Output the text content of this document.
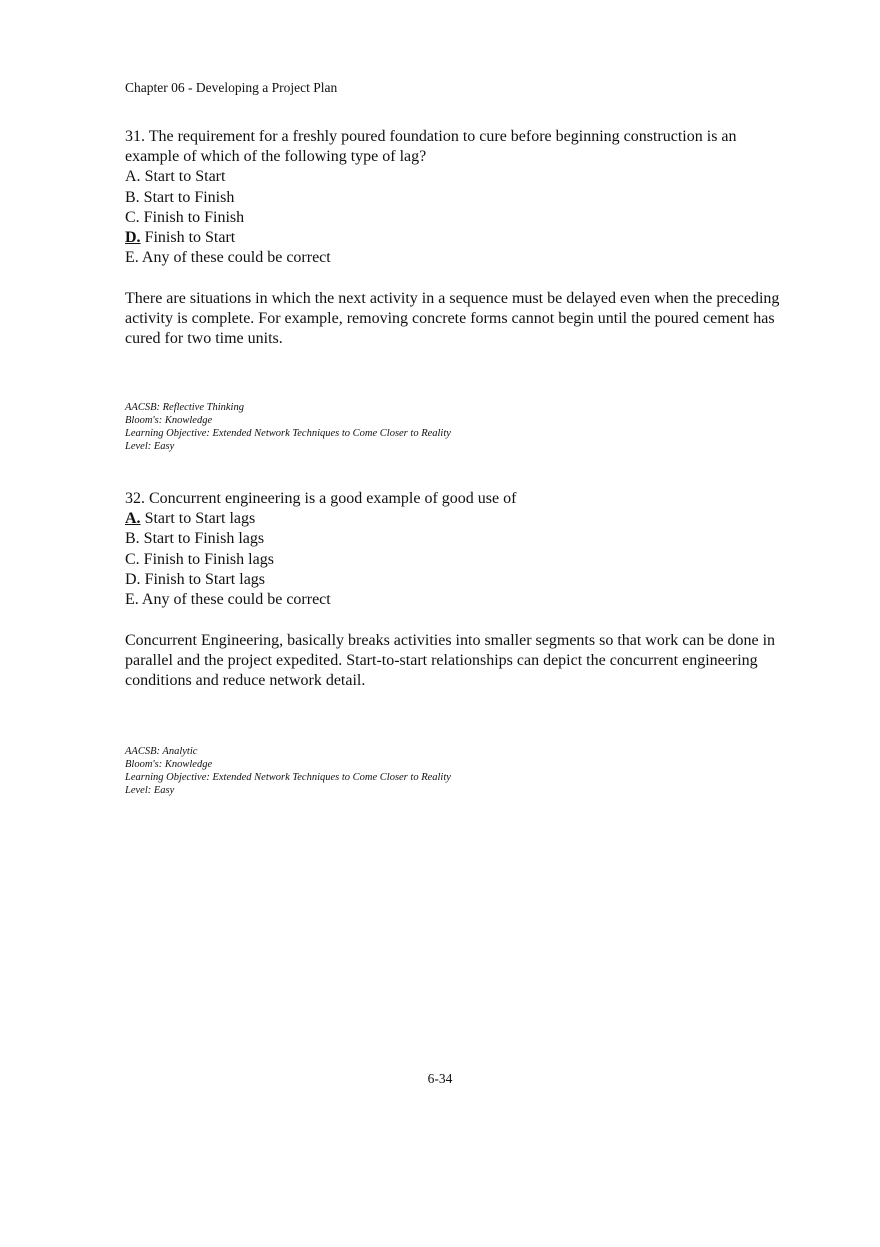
Chapter 06 - Developing a Project Plan

31. The requirement for a freshly poured foundation to cure before beginning construction is an example of which of the following type of lag?

A. Start to Start

B. Start to Finish

C. Finish to Finish

D. Finish to Start

E. Any of these could be correct

There are situations in which the next activity in a sequence must be delayed even when the preceding activity is complete. For example, removing concrete forms cannot begin until the poured cement has cured for two time units.

AACSB: Reflective Thinking
Bloom's: Knowledge
Learning Objective: Extended Network Techniques to Come Closer to Reality
Level: Easy

32. Concurrent engineering is a good example of good use of

A. Start to Start lags

B. Start to Finish lags

C. Finish to Finish lags

D. Finish to Start lags

E. Any of these could be correct

Concurrent Engineering, basically breaks activities into smaller segments so that work can be done in parallel and the project expedited. Start-to-start relationships can depict the concurrent engineering conditions and reduce network detail.

AACSB: Analytic
Bloom's: Knowledge
Learning Objective: Extended Network Techniques to Come Closer to Reality
Level: Easy
6-34
